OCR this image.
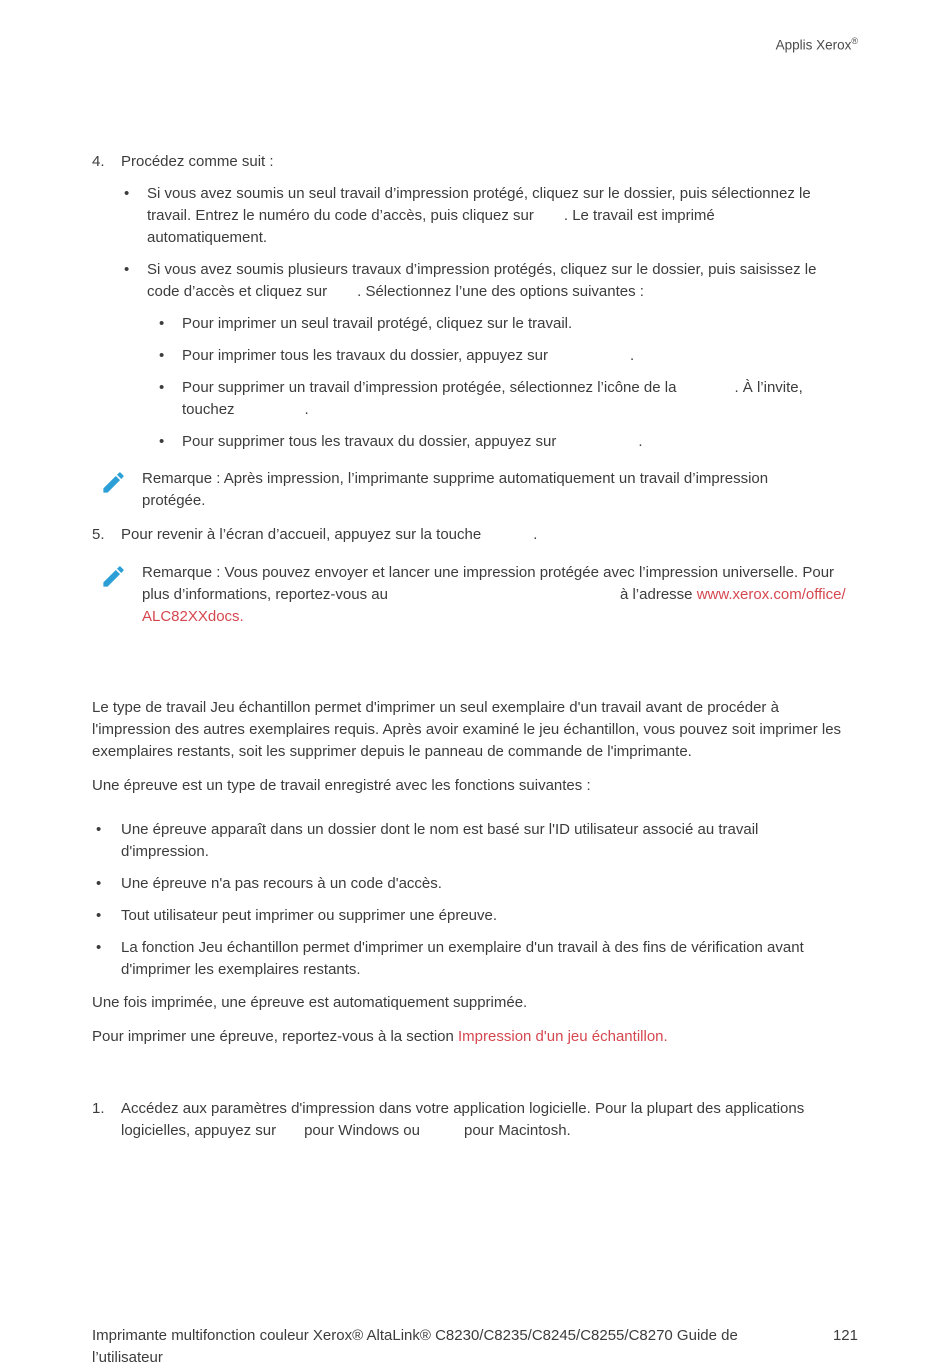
Applis Xerox®
4.	Procédez comme suit :
• Si vous avez soumis un seul travail d’impression protégé, cliquez sur le dossier, puis sélectionnez le travail. Entrez le numéro du code d’accès, puis cliquez sur . Le travail est imprimé automatiquement.
• Si vous avez soumis plusieurs travaux d’impression protégés, cliquez sur le dossier, puis saisissez le code d’accès et cliquez sur . Sélectionnez l’une des options suivantes :
• Pour imprimer un seul travail protégé, cliquez sur le travail.
• Pour imprimer tous les travaux du dossier, appuyez sur	.
• Pour supprimer un travail d’impression protégée, sélectionnez l’icône de la	. À l’invite, touchez	.
• Pour supprimer tous les travaux du dossier, appuyez sur	.
Remarque : Après impression, l’imprimante supprime automatiquement un travail d’impression protégée.
5.	Pour revenir à l’écran d’accueil, appuyez sur la touche	.
Remarque : Vous pouvez envoyer et lancer une impression protégée avec l’impression universelle. Pour plus d’informations, reportez-vous au	à l’adresse www.xerox.com/office/ALC82XXdocs.

Le type de travail Jeu échantillon permet d'imprimer un seul exemplaire d'un travail avant de procéder à l'impression des autres exemplaires requis. Après avoir examiné le jeu échantillon, vous pouvez soit imprimer les exemplaires restants, soit les supprimer depuis le panneau de commande de l'imprimante.

Une épreuve est un type de travail enregistré avec les fonctions suivantes :

• Une épreuve apparaît dans un dossier dont le nom est basé sur l'ID utilisateur associé au travail d'impression.
• Une épreuve n'a pas recours à un code d'accès.
• Tout utilisateur peut imprimer ou supprimer une épreuve.
• La fonction Jeu échantillon permet d'imprimer un exemplaire d'un travail à des fins de vérification avant d'imprimer les exemplaires restants.

Une fois imprimée, une épreuve est automatiquement supprimée.

Pour imprimer une épreuve, reportez-vous à la section Impression d'un jeu échantillon.

1.	Accédez aux paramètres d'impression dans votre application logicielle. Pour la plupart des applications logicielles, appuyez sur pour Windows ou	pour Macintosh.
Imprimante multifonction couleur Xerox® AltaLink® C8230/C8235/C8245/C8255/C8270 Guide de l’utilisateur
121
